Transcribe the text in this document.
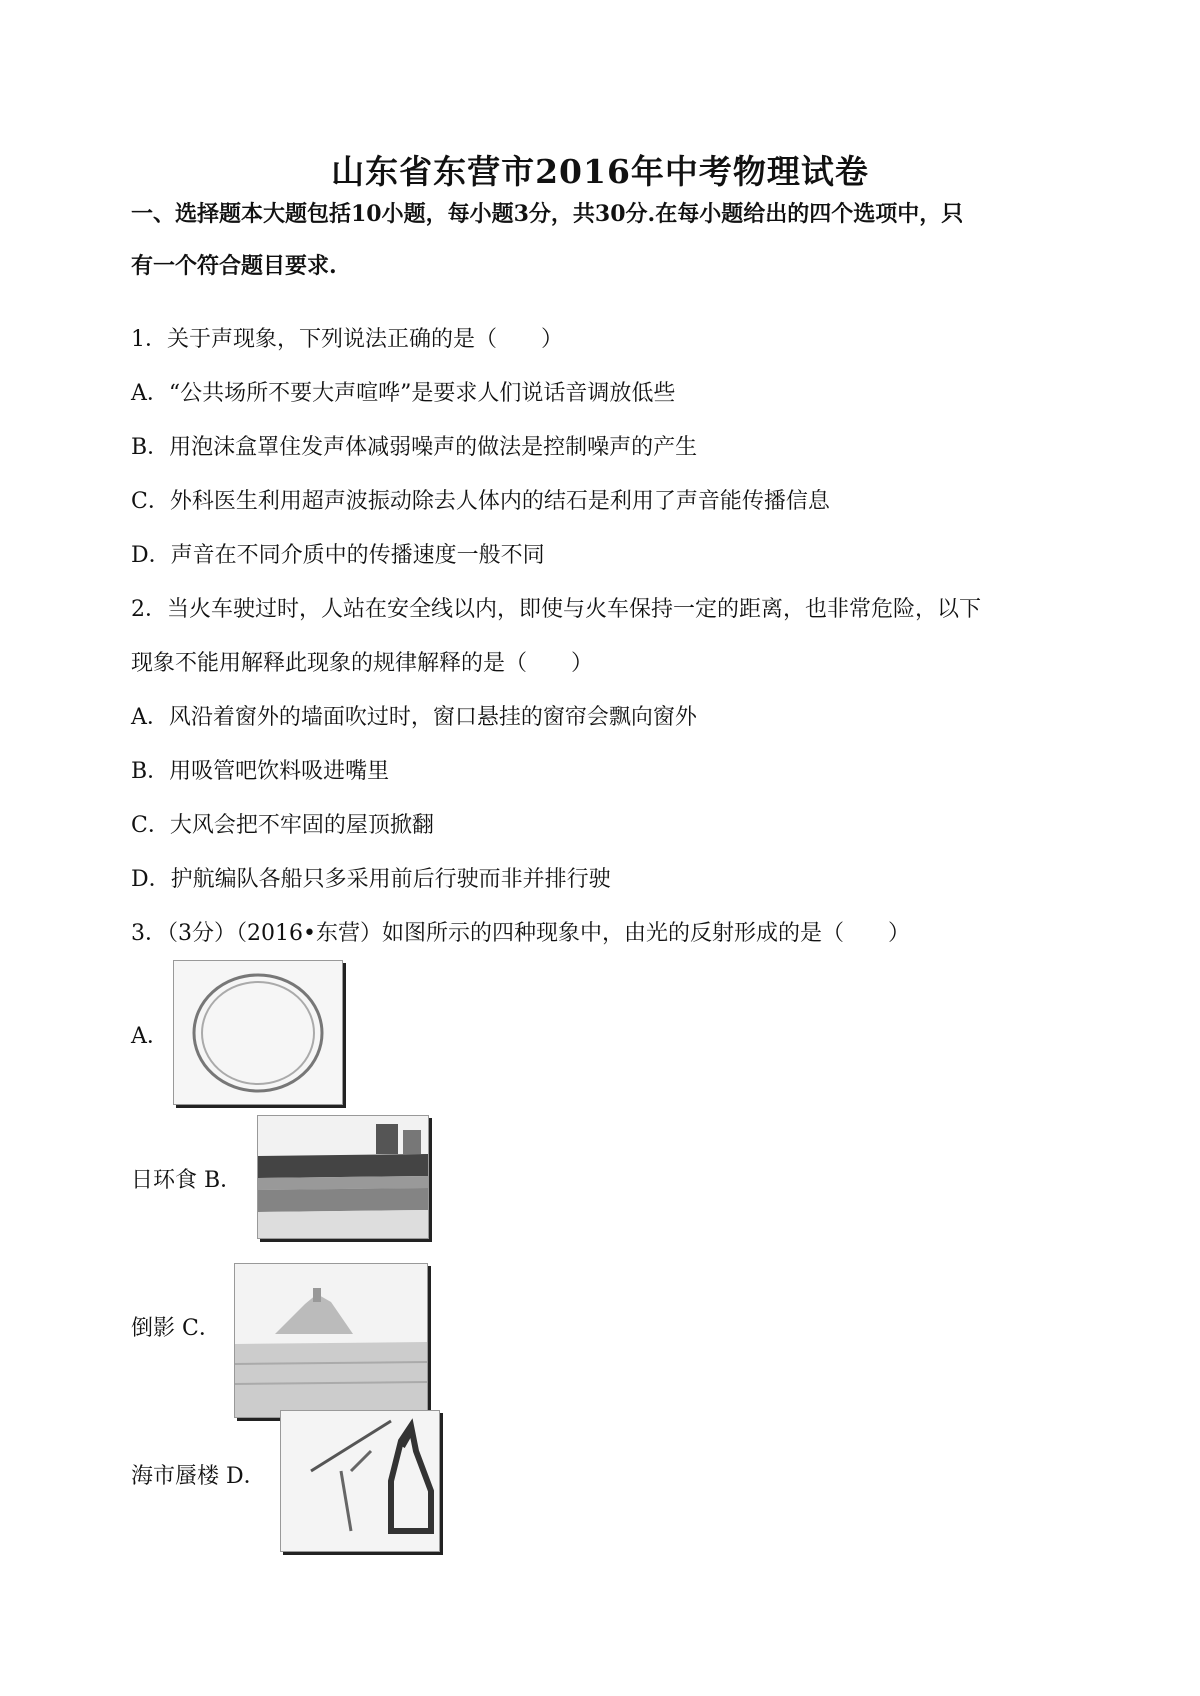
山东省东营市2016年中考物理试卷
一、选择题本大题包括10小题，每小题3分，共30分.在每小题给出的四个选项中，只
有一个符合题目要求.
1．关于声现象，下列说法正确的是（　　）
A．“公共场所不要大声喧哗”是要求人们说话音调放低些
B．用泡沫盒罩住发声体减弱噪声的做法是控制噪声的产生
C．外科医生利用超声波振动除去人体内的结石是利用了声音能传播信息
D．声音在不同介质中的传播速度一般不同
2．当火车驶过时，人站在安全线以内，即使与火车保持一定的距离，也非常危险，以下
现象不能用解释此现象的规律解释的是（　　）
A．风沿着窗外的墙面吹过时，窗口悬挂的窗帘会飘向窗外
B．用吸管吧饮料吸进嘴里
C．大风会把不牢固的屋顶掀翻
D．护航编队各船只多采用前后行驶而非并排行驶
3．（3分）（2016•东营）如图所示的四种现象中，由光的反射形成的是（　　）
A．
日环食 B．
倒影 C．
海市蜃楼 D．
